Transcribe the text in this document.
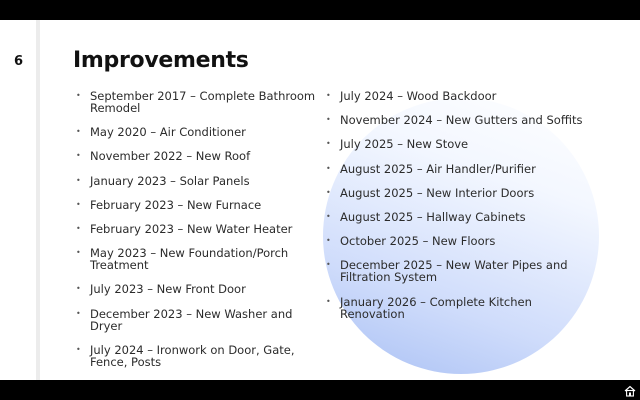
6 Improvements
• September 2017 – Complete Bathroom Remodel
• May 2020 – Air Conditioner
• November 2022 – New Roof
• January 2023 – Solar Panels
• February 2023 – New Furnace
• February 2023 – New Water Heater
• May 2023 – New Foundation/Porch Treatment
• July 2023 – New Front Door
• December 2023 – New Washer and Dryer
• July 2024 – Ironwork on Door, Gate, Fence, Posts
• July 2024 – Wood Backdoor
• November 2024 – New Gutters and Soffits
• July 2025 – New Stove
• August 2025 – Air Handler/Purifier
• August 2025 – New Interior Doors
• August 2025 – Hallway Cabinets
• October 2025 – New Floors
• December 2025 – New Water Pipes and Filtration System
• January 2026 – Complete Kitchen Renovation
